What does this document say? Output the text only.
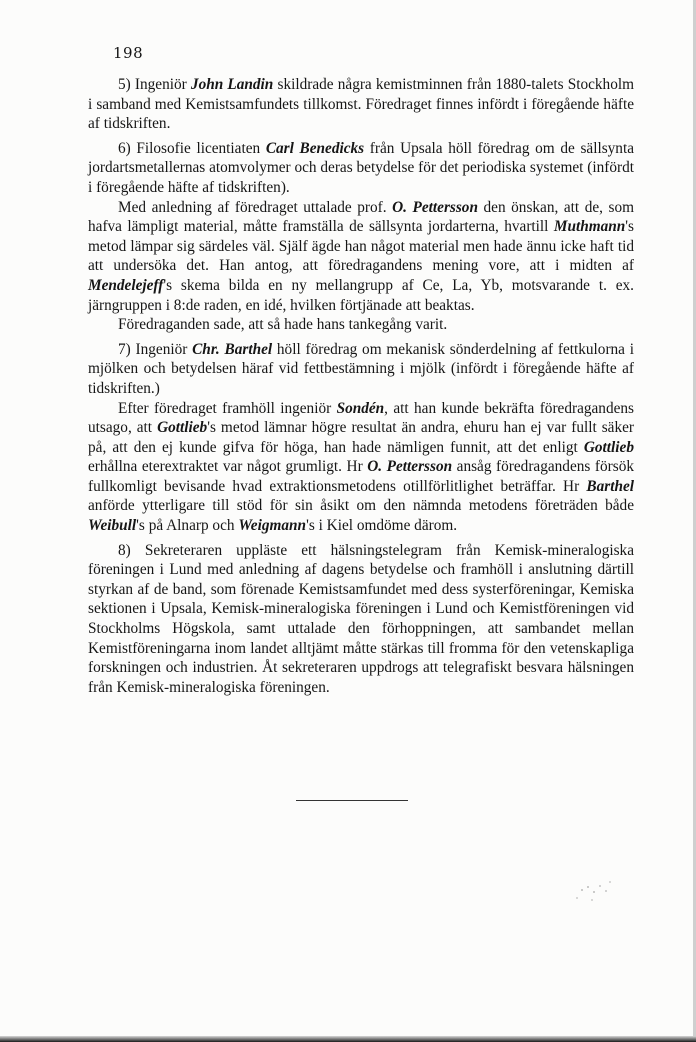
198

5) Ingeniör John Landin skildrade några kemistminnen från 1880-talets Stockholm i samband med Kemistsamfundets tillkomst. Föredraget finnes infördt i föregående häfte af tidskriften.

6) Filosofie licentiaten Carl Benedicks från Upsala höll föredrag om de sällsynta jordartsmetallernas atomvolymer och deras betydelse för det periodiska systemet (infördt i föregående häfte af tidskriften).

Med anledning af föredraget uttalade prof. O. Pettersson den önskan, att de, som hafva lämpligt material, måtte framställa de sällsynta jordarterna, hvartill Muthmann's metod lämpar sig särdeles väl. Själf ägde han något material men hade ännu icke haft tid att undersöka det. Han antog, att föredragandens mening vore, att i midten af Mendelejeff's skema bilda en ny mellangrupp af Ce, La, Yb, motsvarande t. ex. järngruppen i 8:de raden, en idé, hvilken förtjänade att beaktas.

Föredraganden sade, att så hade hans tankegång varit.

7) Ingeniör Chr. Barthel höll föredrag om mekanisk sönderdelning af fettkulorna i mjölken och betydelsen häraf vid fettbestämning i mjölk (infördt i föregående häfte af tidskriften.)

Efter föredraget framhöll ingeniör Sondén, att han kunde bekräfta föredragandens utsago, att Gottlieb's metod lämnar högre resultat än andra, ehuru han ej var fullt säker på, att den ej kunde gifva för höga, han hade nämligen funnit, att det enligt Gottlieb erhållna eterextraktet var något grumligt. Hr O. Pettersson ansåg föredragandens försök fullkomligt bevisande hvad extraktionsmetodens otillförlitlighet beträffar. Hr Barthel anförde ytterligare till stöd för sin åsikt om den nämnda metodens företräden både Weibull's på Alnarp och Weigmann's i Kiel omdöme därom.

8) Sekreteraren uppläste ett hälsningstelegram från Kemisk-mineralogiska föreningen i Lund med anledning af dagens betydelse och framhöll i anslutning därtill styrkan af de band, som förenade Kemistsamfundet med dess systerföreningar, Kemiska sektionen i Upsala, Kemisk-mineralogiska föreningen i Lund och Kemistföreningen vid Stockholms Högskola, samt uttalade den förhoppningen, att sambandet mellan Kemistföreningarna inom landet alltjämt måtte stärkas till fromma för den vetenskapliga forskningen och industrien. Åt sekreteraren uppdrogs att telegrafiskt besvara hälsningen från Kemisk-mineralogiska föreningen.
